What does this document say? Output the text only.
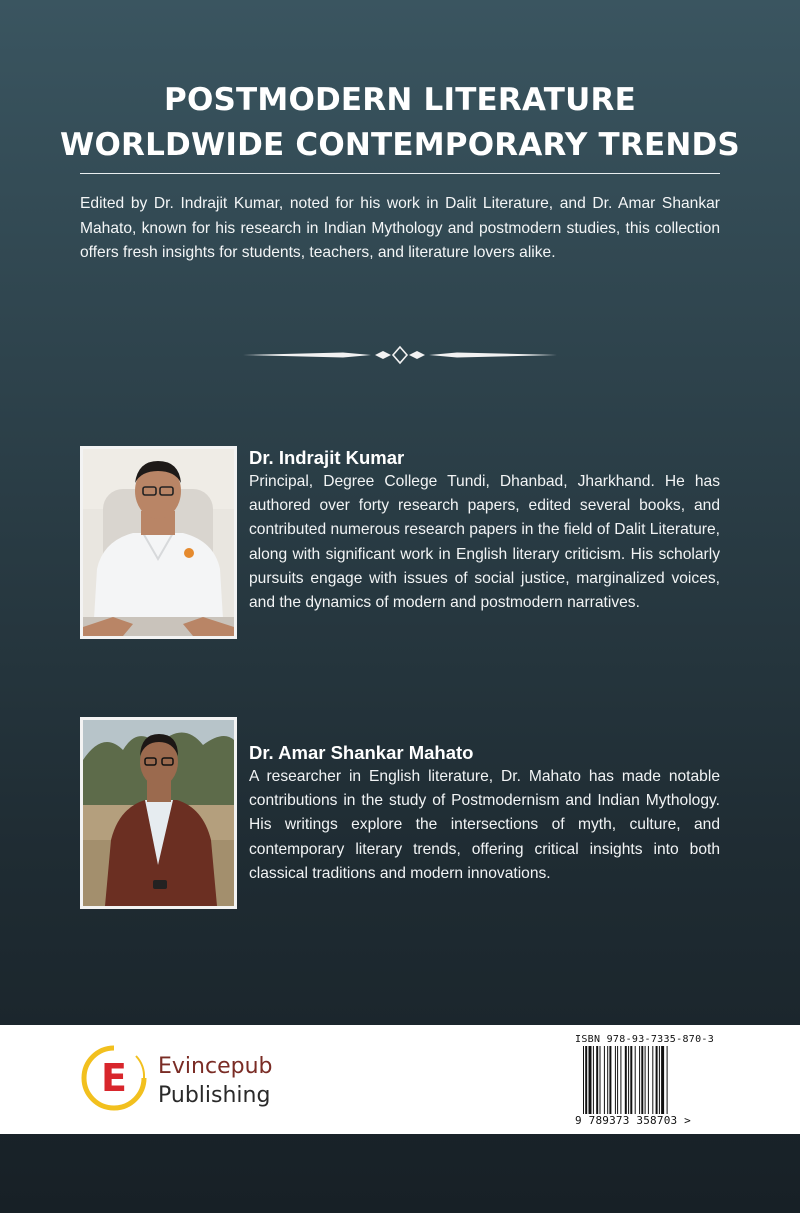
POSTMODERN LITERATURE
WORLDWIDE CONTEMPORARY TRENDS
Edited by Dr. Indrajit Kumar, noted for his work in Dalit Literature, and Dr. Amar Shankar Mahato, known for his research in Indian Mythology and postmodern studies, this collection offers fresh insights for students, teachers, and literature lovers alike.
Dr. Indrajit Kumar
Principal, Degree College Tundi, Dhanbad, Jharkhand. He has authored over forty research papers, edited several books, and contributed numerous research papers in the field of Dalit Literature, along with significant work in English literary criticism. His scholarly pursuits engage with issues of social justice, marginalized voices, and the dynamics of modern and postmodern narratives.
Dr. Amar Shankar Mahato
A researcher in English literature, Dr. Mahato has made notable contributions in the study of Postmodernism and Indian Mythology. His writings explore the intersections of myth, culture, and contemporary literary trends, offering critical insights into both classical traditions and modern innovations.
E Evincepub
Publishing
ISBN 978-93-7335-870-3
9 789373 358703 >
